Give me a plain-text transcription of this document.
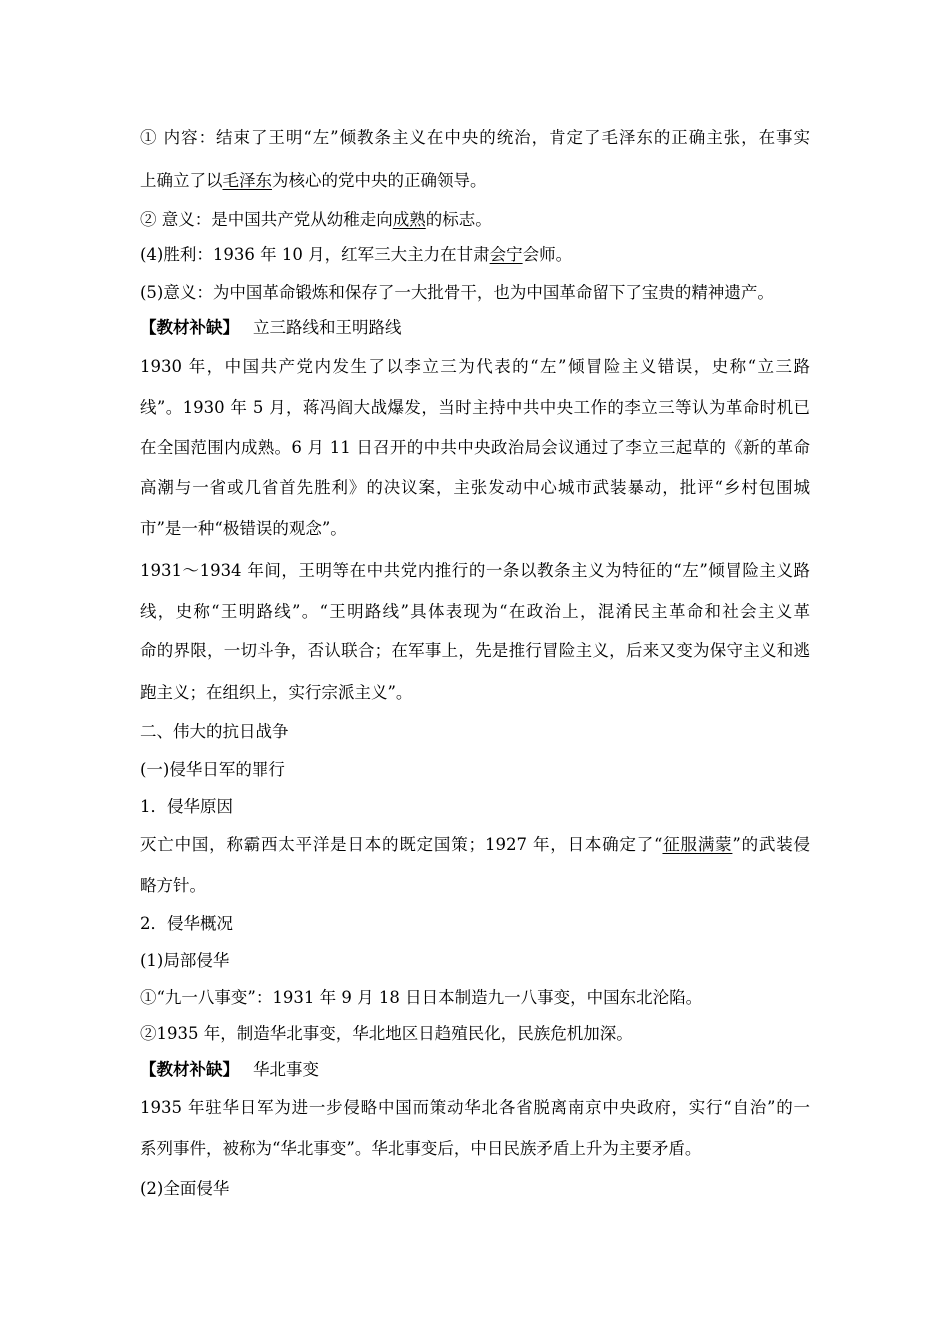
① 内容：结束了王明“左”倾教条主义在中央的统治，肯定了毛泽东的正确主张，在事实
上确立了以毛泽东为核心的党中央的正确领导。
② 意义：是中国共产党从幼稚走向成熟的标志。
(4)胜利：1936 年 10 月，红军三大主力在甘肃会宁会师。
(5)意义：为中国革命锻炼和保存了一大批骨干，也为中国革命留下了宝贵的精神遗产。
【教材补缺】 立三路线和王明路线
1930 年，中国共产党内发生了以李立三为代表的“左”倾冒险主义错误，史称“立三路
线”。1930 年 5 月，蒋冯阎大战爆发，当时主持中共中央工作的李立三等认为革命时机已
在全国范围内成熟。6 月 11 日召开的中共中央政治局会议通过了李立三起草的《新的革命
高潮与一省或几省首先胜利》的决议案，主张发动中心城市武装暴动，批评“乡村包围城
市”是一种“极错误的观念”。
1931～1934 年间，王明等在中共党内推行的一条以教条主义为特征的“左”倾冒险主义路
线，史称“王明路线”。“王明路线”具体表现为“在政治上，混淆民主革命和社会主义革
命的界限，一切斗争，否认联合；在军事上，先是推行冒险主义，后来又变为保守主义和逃
跑主义；在组织上，实行宗派主义”。
二、伟大的抗日战争
(一)侵华日军的罪行
1．侵华原因
灭亡中国，称霸西太平洋是日本的既定国策；1927 年，日本确定了“征服满蒙”的武装侵
略方针。
2．侵华概况
(1)局部侵华
①“九一八事变”：1931 年 9 月 18 日日本制造九一八事变，中国东北沦陷。
②1935 年，制造华北事变，华北地区日趋殖民化，民族危机加深。
【教材补缺】 华北事变
1935 年驻华日军为进一步侵略中国而策动华北各省脱离南京中央政府，实行“自治”的一
系列事件，被称为“华北事变”。华北事变后，中日民族矛盾上升为主要矛盾。
(2)全面侵华
